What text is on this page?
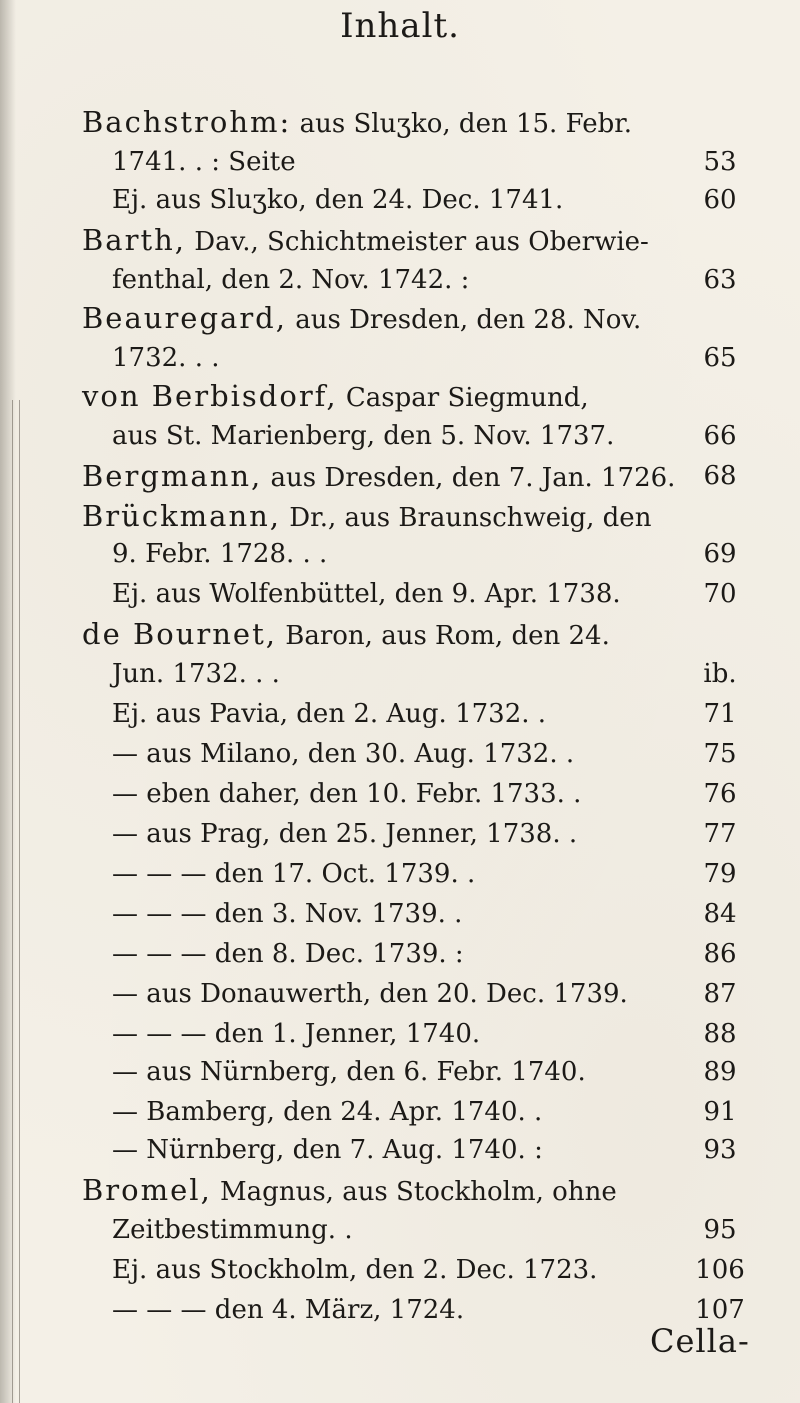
Inhalt.
Bachstrohm: aus Sluʒko, den 15. Febr.
1741. . : Seite	53
Ej. aus Sluʒko, den 24. Dec. 1741.	60
Barth, Dav., Schichtmeister aus Oberwie-
fenthal, den 2. Nov. 1742. :	63
Beauregard, aus Dresden, den 28. Nov.
1732. . .	65
von Berbisdorf, Caspar Siegmund,
aus St. Marienberg, den 5. Nov. 1737.	66
Bergmann, aus Dresden, den 7. Jan. 1726.	68
Brückmann, Dr., aus Braunschweig, den
9. Febr. 1728. . .	69
Ej. aus Wolfenbüttel, den 9. Apr. 1738.	70
de Bournet, Baron, aus Rom, den 24.
Jun. 1732. . .	ib.
Ej. aus Pavia, den 2. Aug. 1732. .	71
— aus Milano, den 30. Aug. 1732. .	75
— eben daher, den 10. Febr. 1733. .	76
— aus Prag, den 25. Jenner, 1738. .	77
— — — den 17. Oct. 1739. .	79
— — — den 3. Nov. 1739. .	84
— — — den 8. Dec. 1739. :	86
— aus Donauwerth, den 20. Dec. 1739.	87
— — — den 1. Jenner, 1740.	88
— aus Nürnberg, den 6. Febr. 1740.	89
— Bamberg, den 24. Apr. 1740. .	91
— Nürnberg, den 7. Aug. 1740. :	93
Bromel, Magnus, aus Stockholm, ohne
Zeitbestimmung. .	95
Ej. aus Stockholm, den 2. Dec. 1723.	106
— — — den 4. März, 1724.	107
Cella-
